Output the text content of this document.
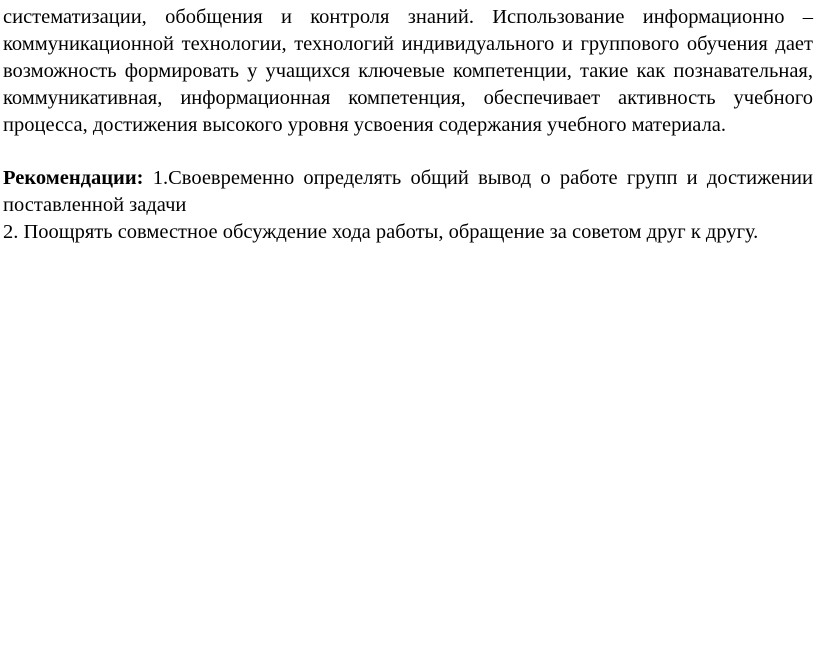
систематизации, обобщения и контроля знаний. Использование информационно – коммуникационной технологии, технологий индивидуального и группового обучения дает возможность формировать у учащихся ключевые компетенции, такие как познавательная, коммуникативная, информационная компетенция, обеспечивает активность учебного процесса, достижения высокого уровня усвоения содержания учебного материала.

Рекомендации: 1.Своевременно определять общий вывод о работе групп и достижении поставленной задачи

2. Поощрять совместное обсуждение хода работы, обращение за советом друг к другу.
